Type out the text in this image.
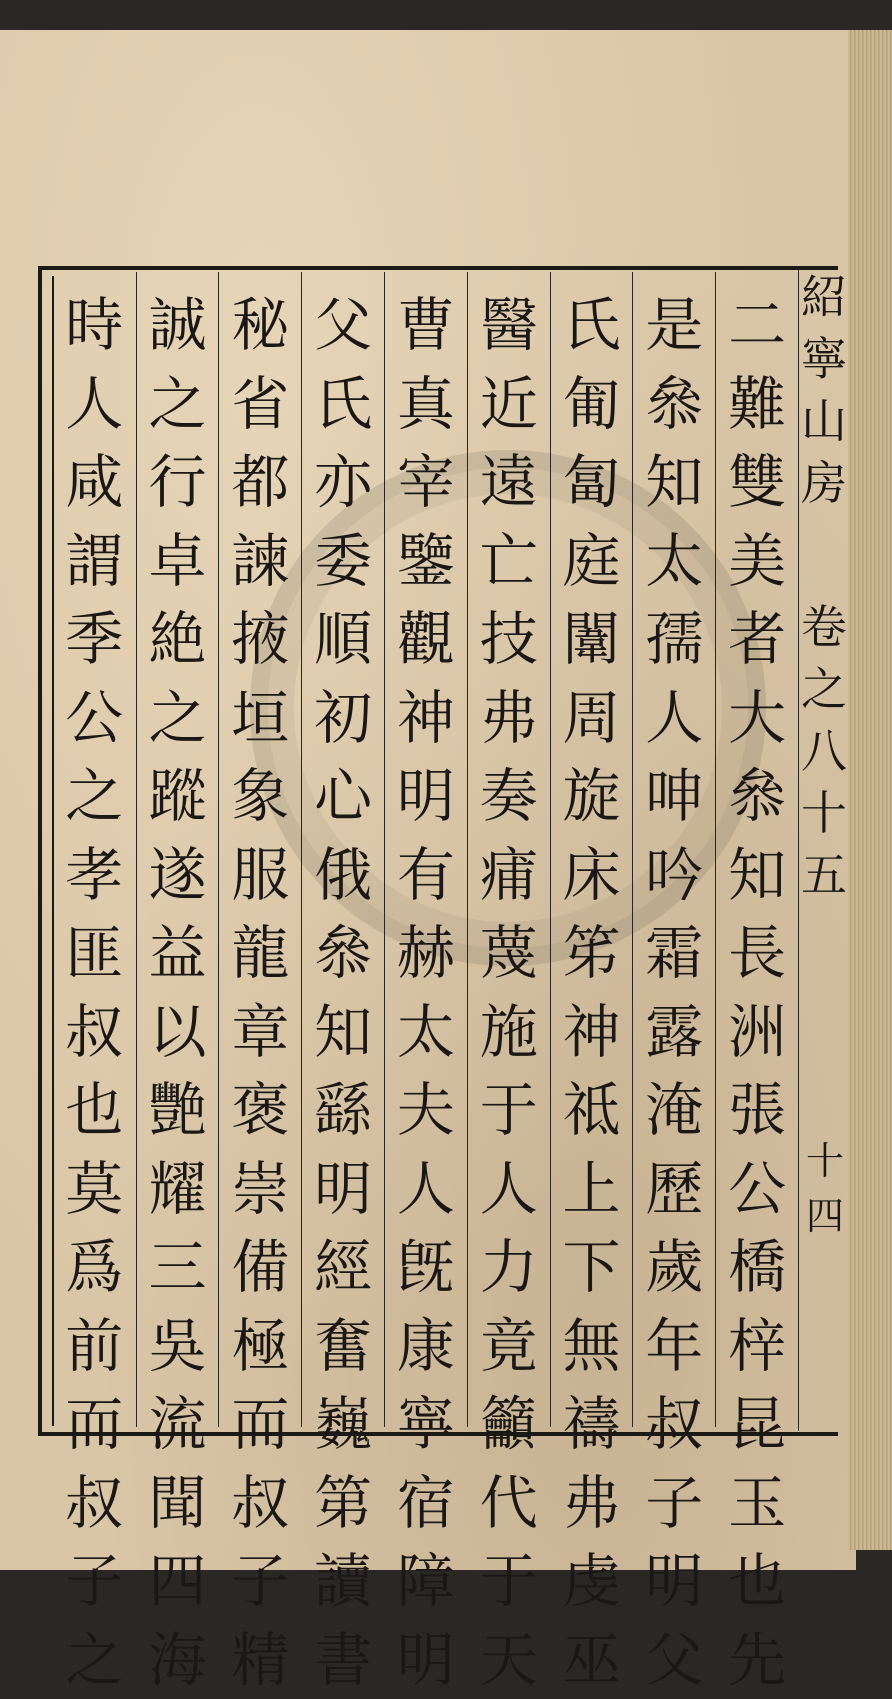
紹
寧
山
房
卷
之
八
十
五
十四
二
難
雙
美
者
大
叅
知
長
洲
張
公
橋
梓
昆
玉
也
先
是
叅
知
太
孺
人
呻
吟
霜
露
淹
歷
歲
年
叔
子
明
父
氏
匍
匐
庭
闈
周
旋
床
笫
神
祗
上
下
無
禱
弗
虔
巫
醫
近
遠
亡
技
弗
奏
痡
蔑
施
于
人
力
竟
籲
代
于
天
曹
真
宰
鑒
觀
神
明
有
赫
太
夫
人
旣
康
寧
宿
障
明
父
氏
亦
委
順
初
心
俄
叅
知
繇
明
經
奮
巍
第
讀
書
秘
省
都
諫
掖
垣
象
服
龍
章
褒
崇
備
極
而
叔
子
精
誠
之
行
卓
絶
之
蹤
遂
益
以
艷
耀
三
吳
流
聞
四
海
時
人
咸
謂
季
公
之
孝
匪
叔
也
莫
爲
前
而
叔
子
之
